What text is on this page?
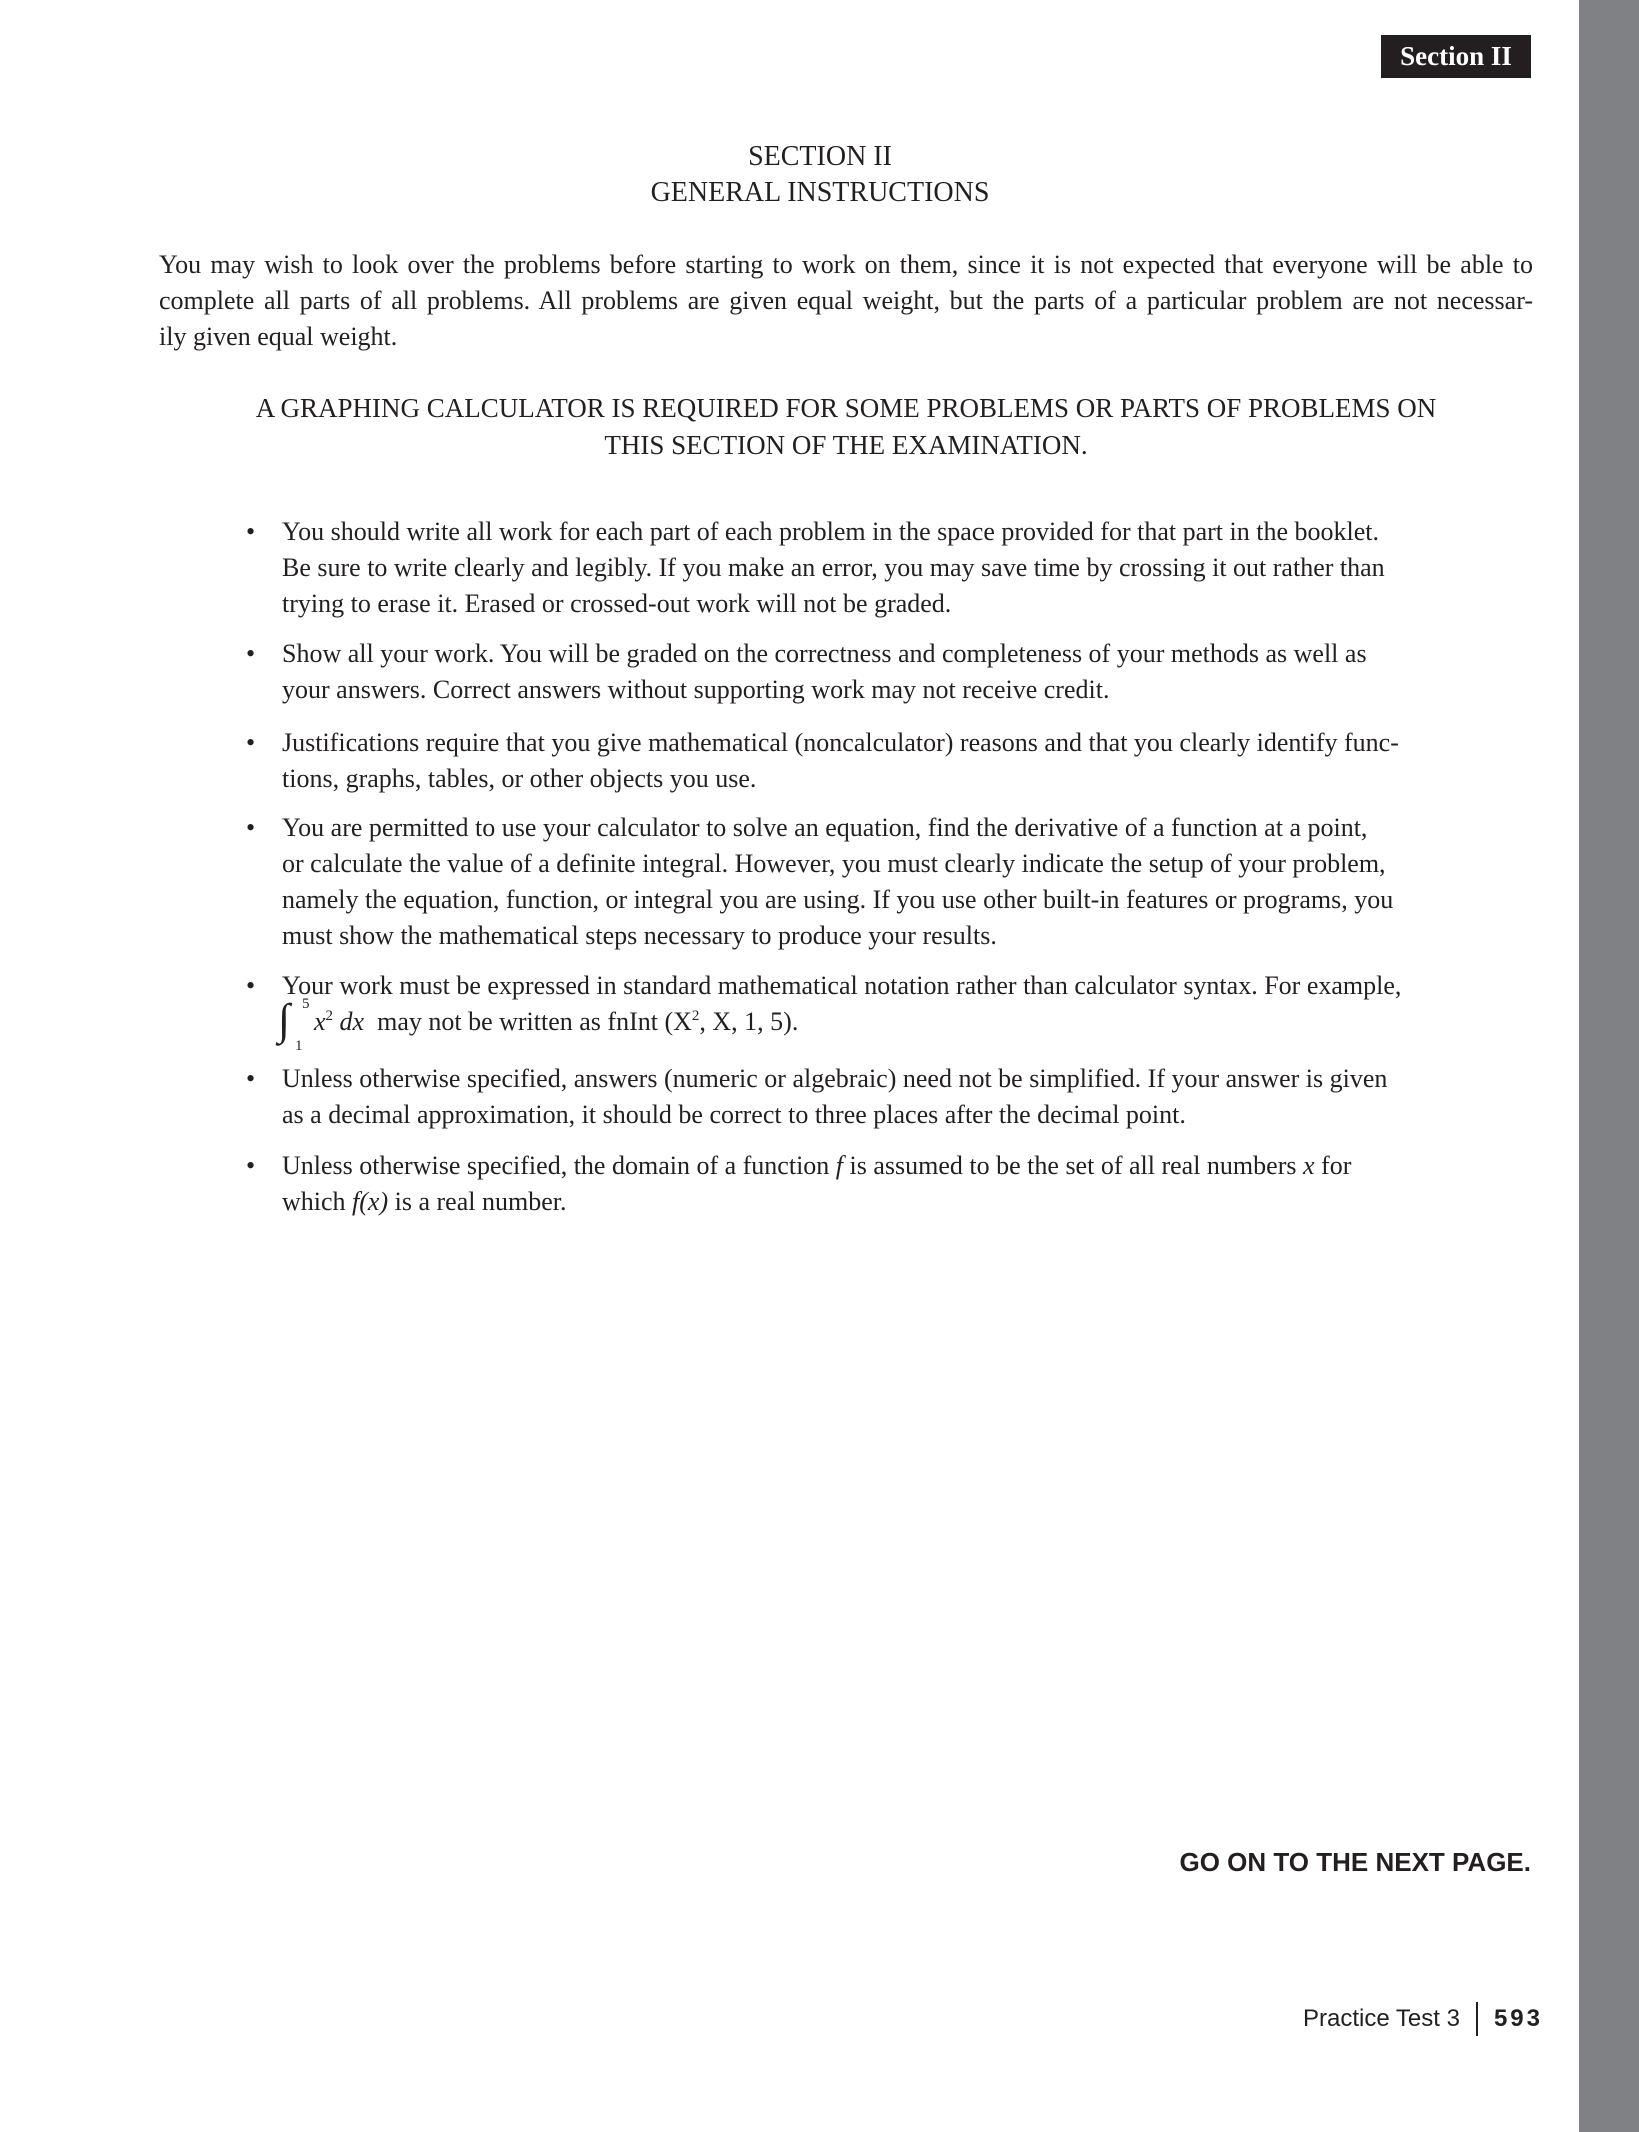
Section II
SECTION II
GENERAL INSTRUCTIONS
You may wish to look over the problems before starting to work on them, since it is not expected that everyone will be able to
complete all parts of all problems. All problems are given equal weight, but the parts of a particular problem are not necessar-
ily given equal weight.
A GRAPHING CALCULATOR IS REQUIRED FOR SOME PROBLEMS OR PARTS OF PROBLEMS ON
THIS SECTION OF THE EXAMINATION.
• You should write all work for each part of each problem in the space provided for that part in the booklet.
Be sure to write clearly and legibly. If you make an error, you may save time by crossing it out rather than
trying to erase it. Erased or crossed-out work will not be graded.
• Show all your work. You will be graded on the correctness and completeness of your methods as well as
your answers. Correct answers without supporting work may not receive credit.
• Justifications require that you give mathematical (noncalculator) reasons and that you clearly identify func-
tions, graphs, tables, or other objects you use.
• You are permitted to use your calculator to solve an equation, find the derivative of a function at a point,
or calculate the value of a definite integral. However, you must clearly indicate the setup of your problem,
namely the equation, function, or integral you are using. If you use other built-in features or programs, you
must show the mathematical steps necessary to produce your results.
• Your work must be expressed in standard mathematical notation rather than calculator syntax. For example,
∫ 5
1
$x^2$ dx may not be written as fnInt ($X^2$, X, 1, 5).
• Unless otherwise specified, answers (numeric or algebraic) need not be simplified. If your answer is given
as a decimal approximation, it should be correct to three places after the decimal point.
• Unless otherwise specified, the domain of a function f is assumed to be the set of all real numbers x for
which f(x) is a real number.
GO ON TO THE NEXT PAGE.
Practice Test 3 593
